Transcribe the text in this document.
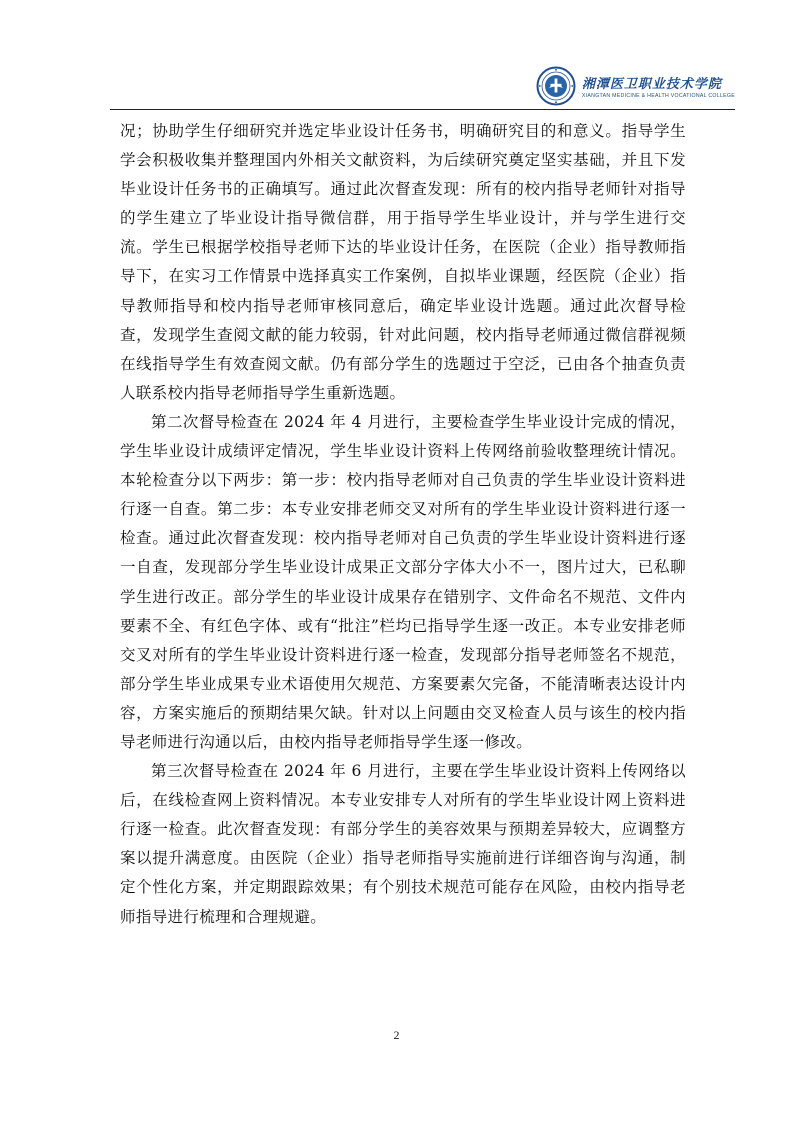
湘潭医卫职业技术学院
XIANGTAN MEDICINE & HEALTH VOCATIONAL COLLEGE

况；协助学生仔细研究并选定毕业设计任务书，明确研究目的和意义。指导学生学会积极收集并整理国内外相关文献资料，为后续研究奠定坚实基础，并且下发毕业设计任务书的正确填写。通过此次督查发现：所有的校内指导老师针对指导的学生建立了毕业设计指导微信群，用于指导学生毕业设计，并与学生进行交流。学生已根据学校指导老师下达的毕业设计任务，在医院（企业）指导教师指导下，在实习工作情景中选择真实工作案例，自拟毕业课题，经医院（企业）指导教师指导和校内指导老师审核同意后，确定毕业设计选题。通过此次督导检查，发现学生查阅文献的能力较弱，针对此问题，校内指导老师通过微信群视频在线指导学生有效查阅文献。仍有部分学生的选题过于空泛，已由各个抽查负责人联系校内指导老师指导学生重新选题。

第二次督导检查在 2024 年 4 月进行，主要检查学生毕业设计完成的情况，学生毕业设计成绩评定情况，学生毕业设计资料上传网络前验收整理统计情况。本轮检查分以下两步：第一步：校内指导老师对自己负责的学生毕业设计资料进行逐一自查。第二步：本专业安排老师交叉对所有的学生毕业设计资料进行逐一检查。通过此次督查发现：校内指导老师对自己负责的学生毕业设计资料进行逐一自查，发现部分学生毕业设计成果正文部分字体大小不一，图片过大，已私聊学生进行改正。部分学生的毕业设计成果存在错别字、文件命名不规范、文件内要素不全、有红色字体、或有“批注”栏均已指导学生逐一改正。本专业安排老师交叉对所有的学生毕业设计资料进行逐一检查，发现部分指导老师签名不规范，部分学生毕业成果专业术语使用欠规范、方案要素欠完备，不能清晰表达设计内容，方案实施后的预期结果欠缺。针对以上问题由交叉检查人员与该生的校内指导老师进行沟通以后，由校内指导老师指导学生逐一修改。

第三次督导检查在 2024 年 6 月进行，主要在学生毕业设计资料上传网络以后，在线检查网上资料情况。本专业安排专人对所有的学生毕业设计网上资料进行逐一检查。此次督查发现：有部分学生的美容效果与预期差异较大，应调整方案以提升满意度。由医院（企业）指导老师指导实施前进行详细咨询与沟通，制定个性化方案，并定期跟踪效果；有个别技术规范可能存在风险，由校内指导老师指导进行梳理和合理规避。

2
